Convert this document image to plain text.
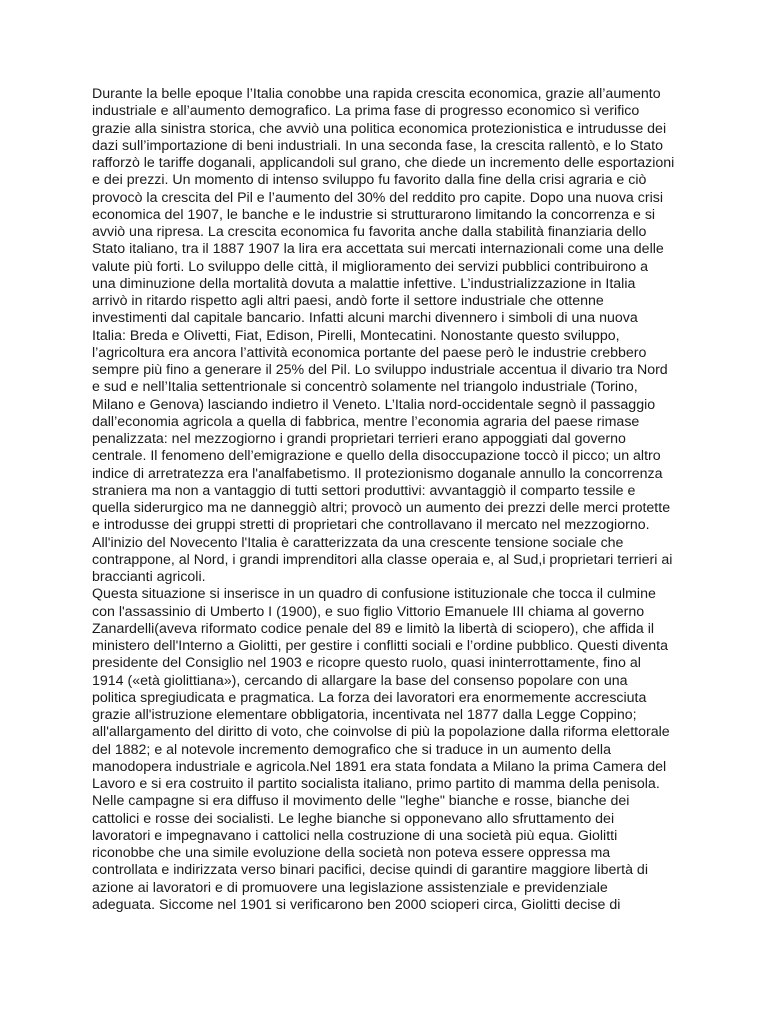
Durante la belle epoque l’Italia conobbe una rapida crescita economica, grazie all’aumento
industriale e all’aumento demografico. La prima fase di progresso economico sì verifico
grazie alla sinistra storica, che avviò una politica economica protezionistica e intrudusse dei
dazi sull’importazione di beni industriali. In una seconda fase, la crescita rallentò, e lo Stato
rafforzò le tariffe doganali, applicandoli sul grano, che diede un incremento delle esportazioni
e dei prezzi. Un momento di intenso sviluppo fu favorito dalla fine della crisi agraria e ciò
provocò la crescita del Pil e l’aumento del 30% del reddito pro capite. Dopo una nuova crisi
economica del 1907, le banche e le industrie si strutturarono limitando la concorrenza e si
avviò una ripresa. La crescita economica fu favorita anche dalla stabilità finanziaria dello
Stato italiano, tra il 1887 1907 la lira era accettata sui mercati internazionali come una delle
valute più forti. Lo sviluppo delle città, il miglioramento dei servizi pubblici contribuirono a
una diminuzione della mortalità dovuta a malattie infettive. L’industrializzazione in Italia
arrivò in ritardo rispetto agli altri paesi, andò forte il settore industriale che ottenne
investimenti dal capitale bancario. Infatti alcuni marchi divennero i simboli di una nuova
Italia: Breda e Olivetti, Fiat, Edison, Pirelli, Montecatini. Nonostante questo sviluppo,
l’agricoltura era ancora l’attività economica portante del paese però le industrie crebbero
sempre più fino a generare il 25% del Pil. Lo sviluppo industriale accentua il divario tra Nord
e sud e nell’Italia settentrionale si concentrò solamente nel triangolo industriale (Torino,
Milano e Genova) lasciando indietro il Veneto. L’Italia nord-occidentale segnò il passaggio
dall’economia agricola a quella di fabbrica, mentre l’economia agraria del paese rimase
penalizzata: nel mezzogiorno i grandi proprietari terrieri erano appoggiati dal governo
centrale. Il fenomeno dell’emigrazione e quello della disoccupazione toccò il picco; un altro
indice di arretratezza era l'analfabetismo. Il protezionismo doganale annullo la concorrenza
straniera ma non a vantaggio di tutti settori produttivi: avvantaggiò il comparto tessile e
quella siderurgico ma ne danneggiò altri; provocò un aumento dei prezzi delle merci protette
e introdusse dei gruppi stretti di proprietari che controllavano il mercato nel mezzogiorno.
All'inizio del Novecento l'Italia è caratterizzata da una crescente tensione sociale che
contrappone, al Nord, i grandi imprenditori alla classe operaia e, al Sud,i proprietari terrieri ai
braccianti agricoli.
Questa situazione si inserisce in un quadro di confusione istituzionale che tocca il culmine
con l'assassinio di Umberto I (1900), e suo figlio Vittorio Emanuele III chiama al governo
Zanardelli(aveva riformato codice penale del 89 e limitò la libertà di sciopero), che affida il
ministero dell'Interno a Giolitti, per gestire i conflitti sociali e l’ordine pubblico. Questi diventa
presidente del Consiglio nel 1903 e ricopre questo ruolo, quasi ininterrottamente, fino al
1914 («età giolittiana»), cercando di allargare la base del consenso popolare con una
politica spregiudicata e pragmatica. La forza dei lavoratori era enormemente accresciuta
grazie all'istruzione elementare obbligatoria, incentivata nel 1877 dalla Legge Coppino;
all'allargamento del diritto di voto, che coinvolse di più la popolazione dalla riforma elettorale
del 1882; e al notevole incremento demografico che si traduce in un aumento della
manodopera industriale e agricola.Nel 1891 era stata fondata a Milano la prima Camera del
Lavoro e si era costruito il partito socialista italiano, primo partito di mamma della penisola.
Nelle campagne si era diffuso il movimento delle "leghe" bianche e rosse, bianche dei
cattolici e rosse dei socialisti. Le leghe bianche si opponevano allo sfruttamento dei
lavoratori e impegnavano i cattolici nella costruzione di una società più equa. Giolitti
riconobbe che una simile evoluzione della società non poteva essere oppressa ma
controllata e indirizzata verso binari pacifici, decise quindi di garantire maggiore libertà di
azione ai lavoratori e di promuovere una legislazione assistenziale e previdenziale
adeguata. Siccome nel 1901 si verificarono ben 2000 scioperi circa, Giolitti decise di
